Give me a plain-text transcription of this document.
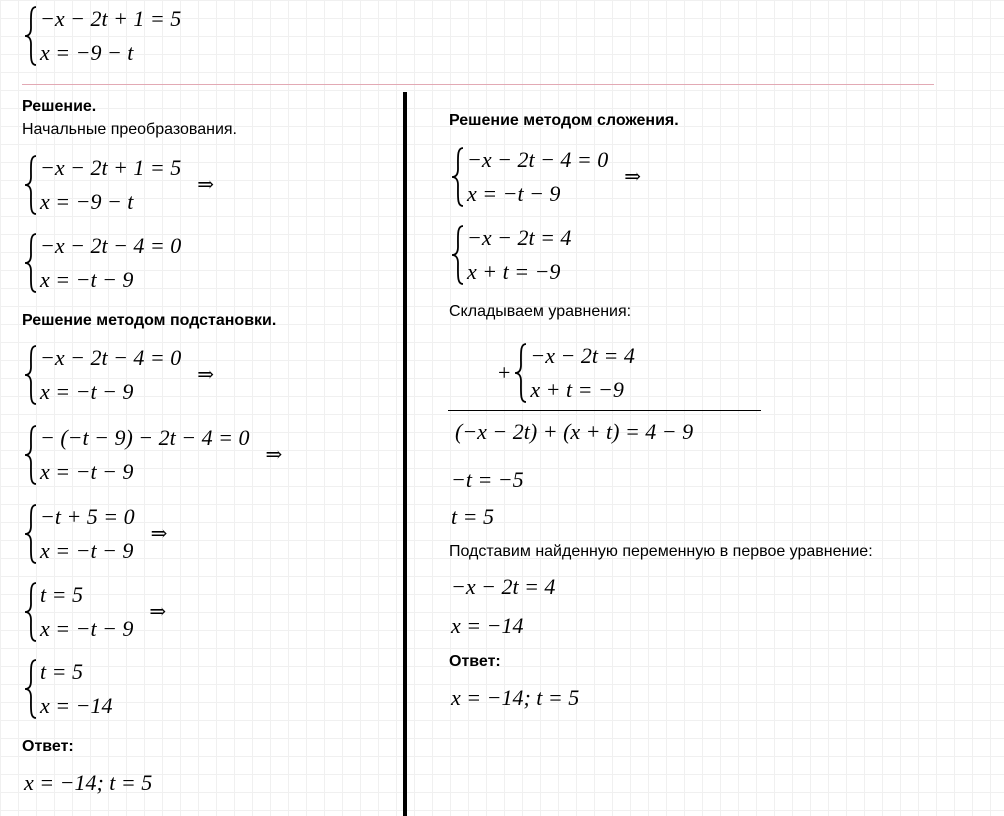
−x − 2t + 1 = 5
x = −9 − t
Решение.
Начальные преобразования.
−x − 2t + 1 = 5
x = −9 − t
⇒
−x − 2t − 4 = 0
x = −t − 9
Решение методом подстановки.
−x − 2t − 4 = 0
x = −t − 9
⇒
− (−t − 9) − 2t − 4 = 0
x = −t − 9
⇒
−t + 5 = 0
x = −t − 9
⇒
t = 5
x = −t − 9
⇒
t = 5
x = −14
Ответ:
x = −14; t = 5
Решение методом сложения.
−x − 2t − 4 = 0
x = −t − 9
⇒
−x − 2t = 4
x + t = −9
Складываем уравнения:
+
−x − 2t = 4
x + t = −9
(−x − 2t) + (x + t) = 4 − 9
−t = −5
t = 5
Подставим найденную переменную в первое уравнение:
−x − 2t = 4
x = −14
Ответ:
x = −14; t = 5
